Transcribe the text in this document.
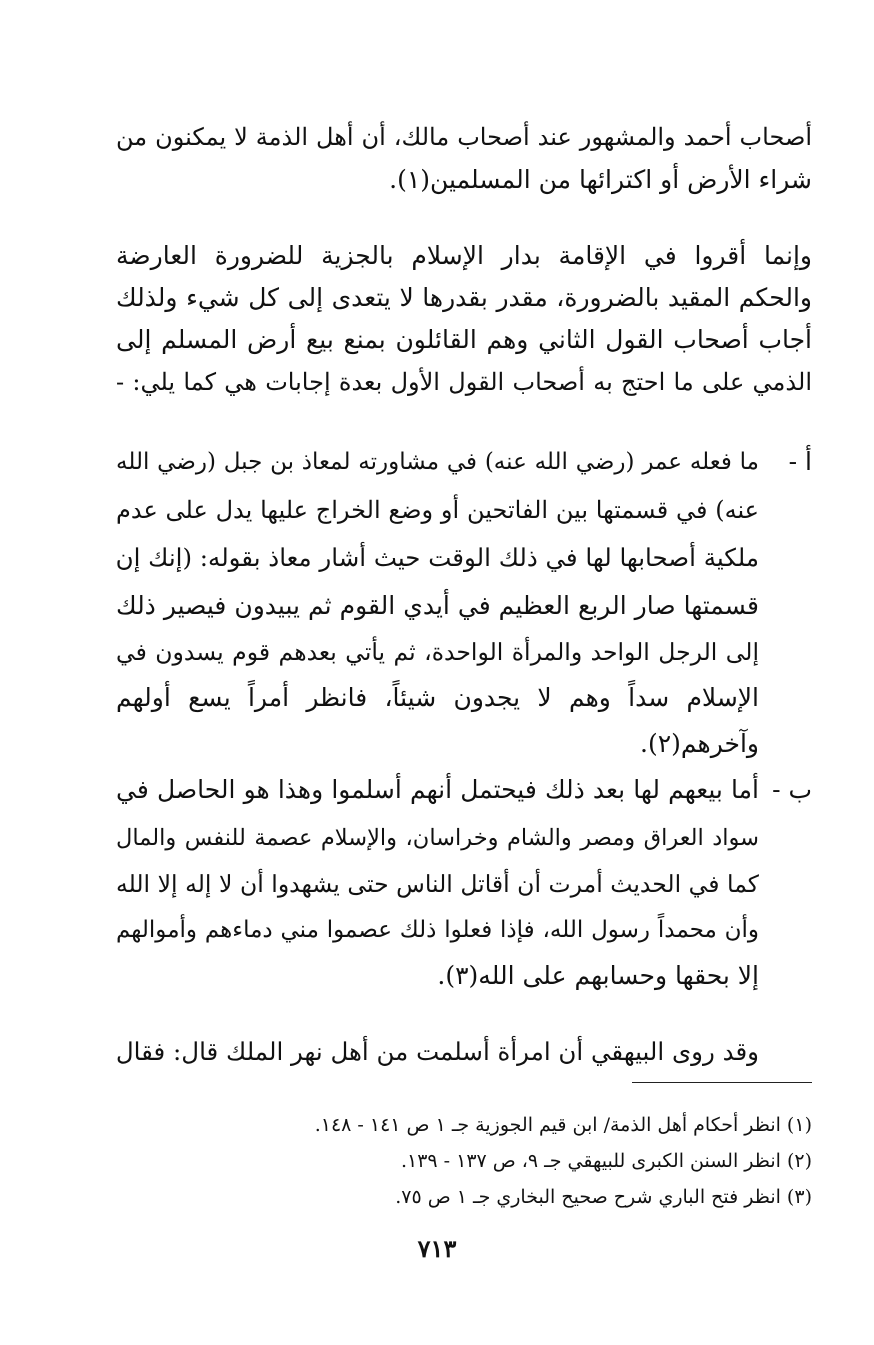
أصحاب أحمد والمشهور عند أصحاب مالك، أن أهل الذمة لا يمكنون من
شراء الأرض أو اكترائها من المسلمين(١).
وإنما أقروا في الإقامة بدار الإسلام بالجزية للضرورة العارضة
والحكم المقيد بالضرورة، مقدر بقدرها لا يتعدى إلى كل شيء ولذلك
أجاب أصحاب القول الثاني وهم القائلون بمنع بيع أرض المسلم إلى
الذمي على ما احتج به أصحاب القول الأول بعدة إجابات هي كما يلي: -
أ -
ما فعله عمر (رضي الله عنه) في مشاورته لمعاذ بن جبل (رضي الله
عنه) في قسمتها بين الفاتحين أو وضع الخراج عليها يدل على عدم
ملكية أصحابها لها في ذلك الوقت حيث أشار معاذ بقوله: (إنك إن
قسمتها صار الربع العظيم في أيدي القوم ثم يبيدون فيصير ذلك
إلى الرجل الواحد والمرأة الواحدة، ثم يأتي بعدهم قوم يسدون في
الإسلام سداً وهم لا يجدون شيئاً، فانظر أمراً يسع أولهم
وآخرهم(٢).
ب -
أما بيعهم لها بعد ذلك فيحتمل أنهم أسلموا وهذا هو الحاصل في
سواد العراق ومصر والشام وخراسان، والإسلام عصمة للنفس والمال
كما في الحديث أمرت أن أقاتل الناس حتى يشهدوا أن لا إله إلا الله
وأن محمداً رسول الله، فإذا فعلوا ذلك عصموا مني دماءهم وأموالهم
إلا بحقها وحسابهم على الله(٣).
وقد روى البيهقي أن امرأة أسلمت من أهل نهر الملك قال: فقال
(١) انظر أحكام أهل الذمة/ ابن قيم الجوزية جـ ١ ص ١٤١ - ١٤٨.
(٢) انظر السنن الكبرى للبيهقي جـ ٩، ص ١٣٧ - ١٣٩.
(٣) انظر فتح الباري شرح صحيح البخاري جـ ١ ص ٧٥.
٧١٣
